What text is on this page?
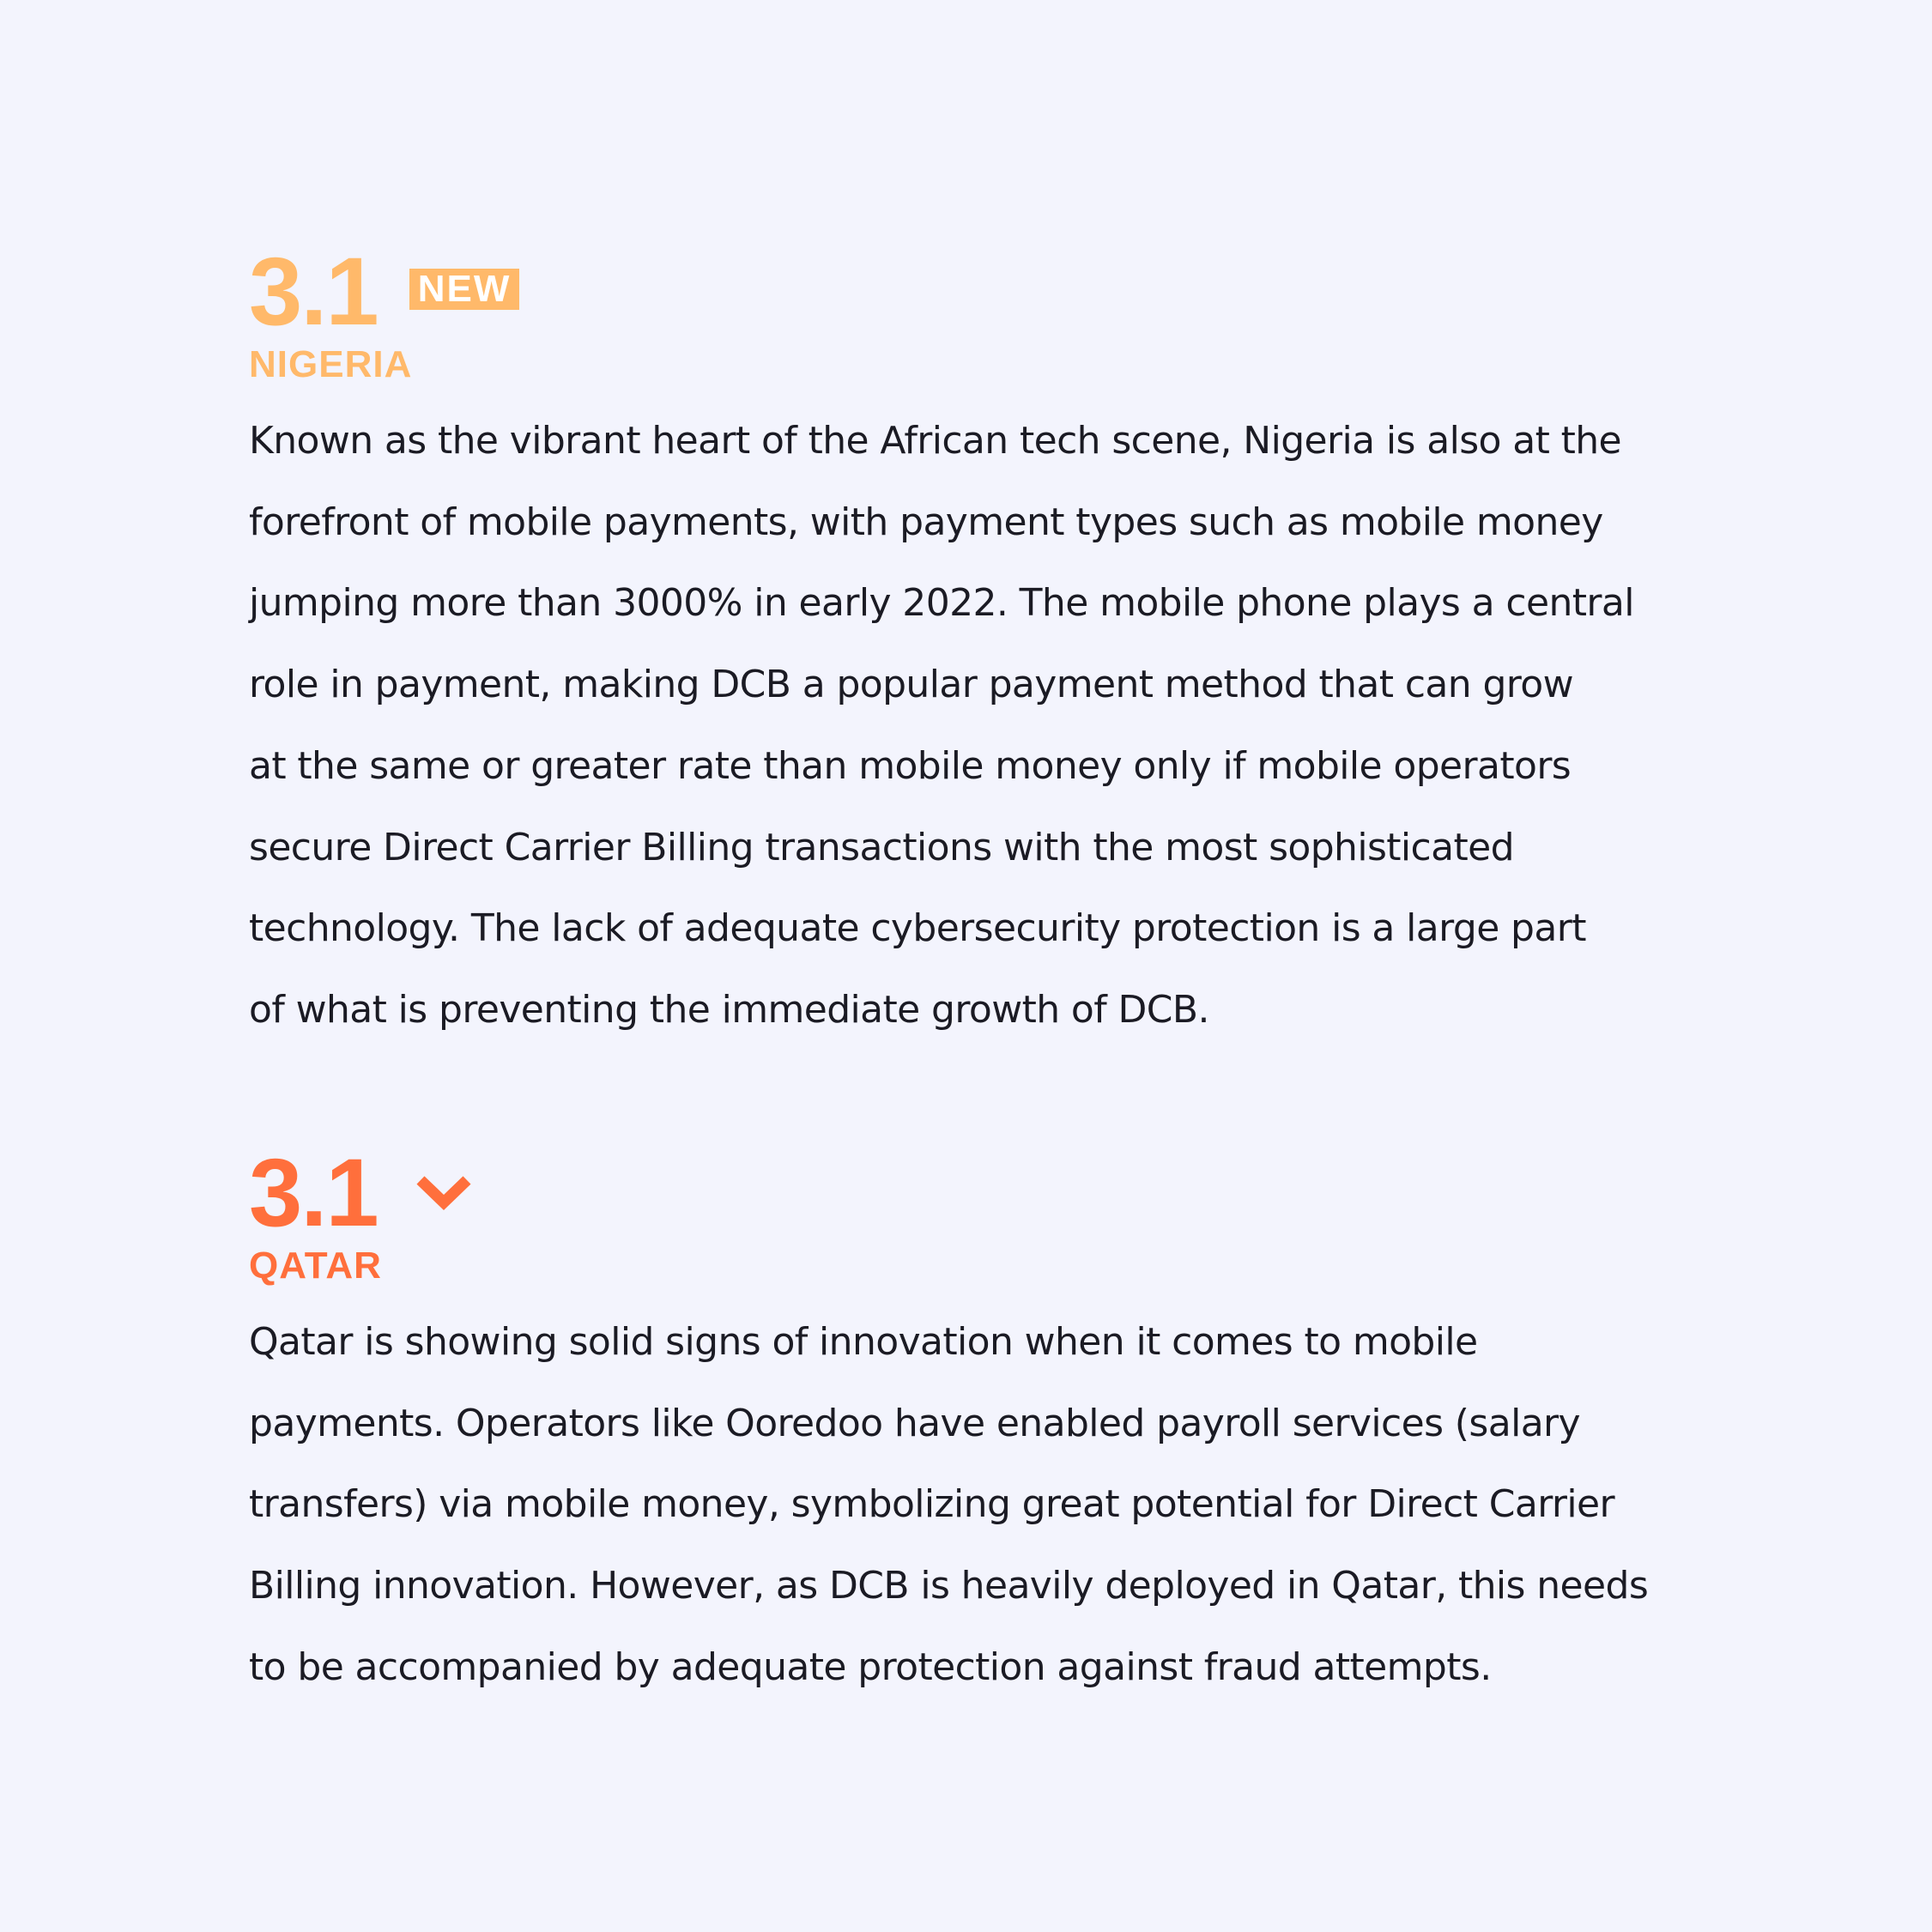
3.1 NEW
NIGERIA
Known as the vibrant heart of the African tech scene, Nigeria is also at the
forefront of mobile payments, with payment types such as mobile money
jumping more than 3000% in early 2022. The mobile phone plays a central
role in payment, making DCB a popular payment method that can grow
at the same or greater rate than mobile money only if mobile operators
secure Direct Carrier Billing transactions with the most sophisticated
technology. The lack of adequate cybersecurity protection is a large part
of what is preventing the immediate growth of DCB.
3.1
QATAR
Qatar is showing solid signs of innovation when it comes to mobile
payments. Operators like Ooredoo have enabled payroll services (salary
transfers) via mobile money, symbolizing great potential for Direct Carrier
Billing innovation. However, as DCB is heavily deployed in Qatar, this needs
to be accompanied by adequate protection against fraud attempts.
